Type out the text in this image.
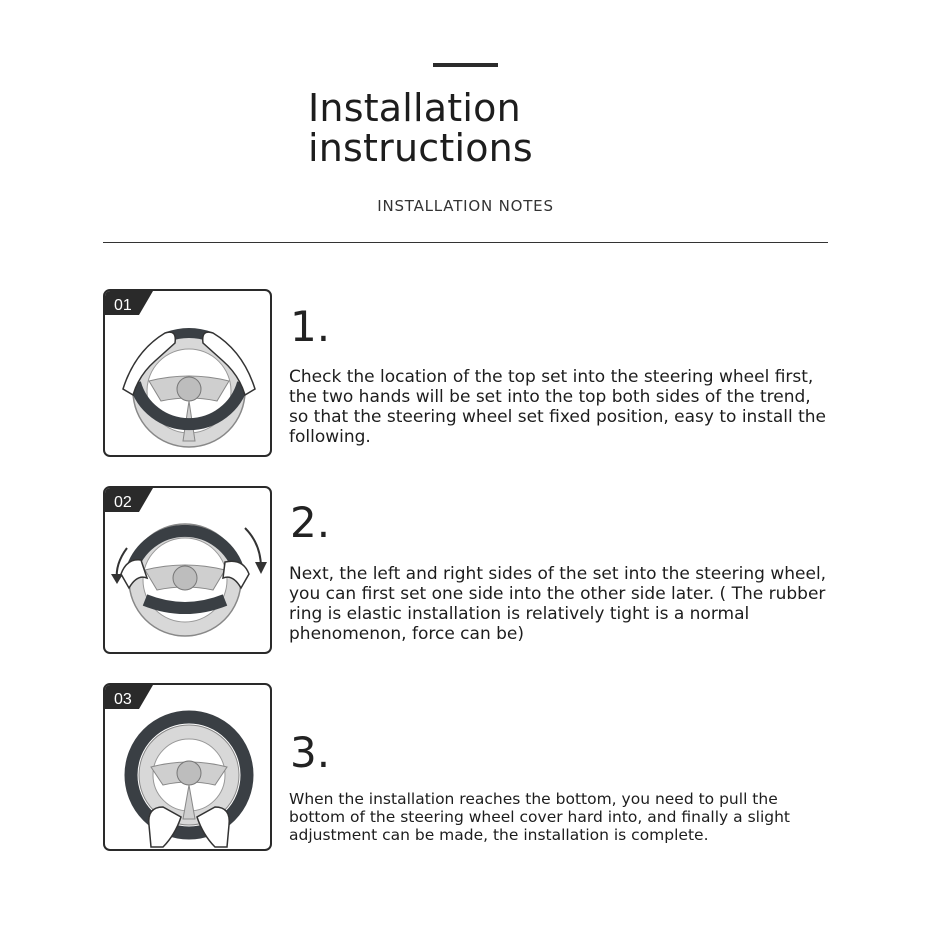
Installation
instructions
INSTALLATION NOTES
01	1.
Check the location of the top set into the steering wheel first, the two hands will be set into the top both sides of the trend, so that the steering wheel set fixed position, easy to install the following.
02	2.
Next, the left and right sides of the set into the steering wheel, you can first set one side into the other side later. ( The rubber ring is elastic installation is relatively tight is a normal phenomenon, force can be)
03
3.
When the installation reaches the bottom, you need to pull the bottom of the steering wheel cover hard into, and finally a slight adjustment can be made, the installation is complete.
